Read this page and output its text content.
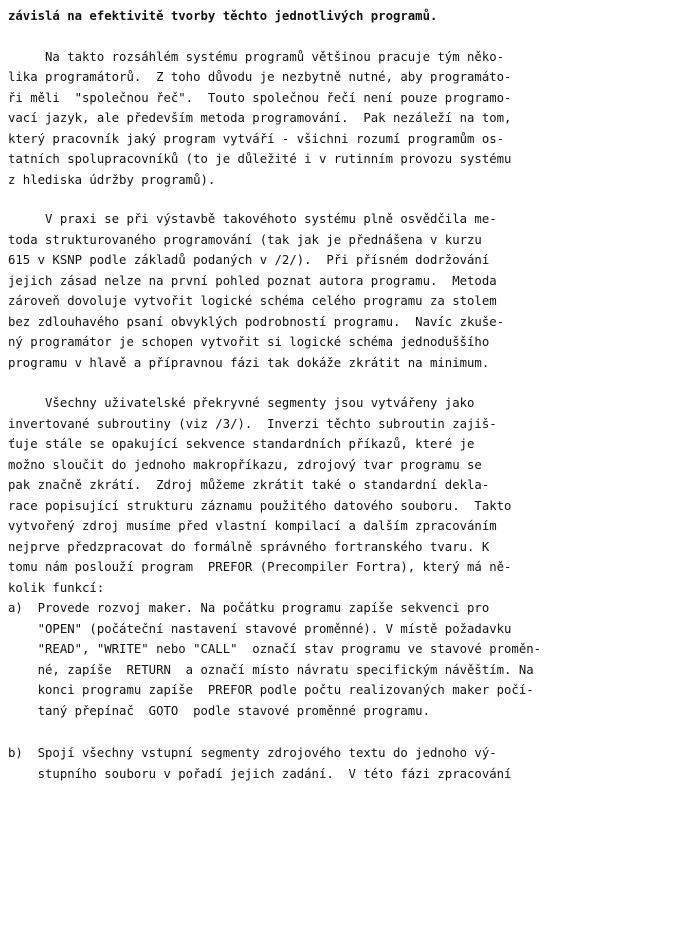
závislá na efektivitě tvorby těchto jednotlivých programů.
Na takto rozsáhlém systému programů většinou pracuje tým něko-
lika programátorů.  Z toho důvodu je nezbytně nutné, aby programáto-
ři měli  "společnou řeč".  Touto společnou řečí není pouze programo-
vací jazyk, ale především metoda programování.  Pak nezáleží na tom,
který pracovník jaký program vytváří - všichni rozumí programům os-
tatních spolupracovníků (to je důležité i v rutinním provozu systému
z hlediska údržby programů).
V praxi se při výstavbě takovéhoto systému plně osvědčila me-
toda strukturovaného programování (tak jak je přednášena v kurzu
615 v KSNP podle základů podaných v /2/).  Při přísném dodržování
jejich zásad nelze na první pohled poznat autora programu.  Metoda
zároveň dovoluje vytvořit logické schéma celého programu za stolem
bez zdlouhavého psaní obvyklých podrobností programu.  Navíc zkuše-
ný programátor je schopen vytvořit si logické schéma jednoduššího
programu v hlavě a přípravnou fázi tak dokáže zkrátit na minimum.
Všechny uživatelské překryvné segmenty jsou vytvářeny jako
invertované subroutiny (viz /3/).  Inverzi těchto subroutin zajiš-
ťuje stále se opakující sekvence standardních příkazů, které je
možno sloučit do jednoho makropříkazu, zdrojový tvar programu se
pak značně zkrátí.  Zdroj můžeme zkrátit také o standardní dekla-
race popisující strukturu záznamu použitého datového souboru.  Takto
vytvořený zdroj musíme před vlastní kompilací a dalším zpracováním
nejprve předzpracovat do formálně správného fortranského tvaru. K
tomu nám poslouží program  PREFOR (Precompiler Fortra), který má ně-
kolik funkcí:
a)  Provede rozvoj maker. Na počátku programu zapíše sekvenci pro
"OPEN" (počáteční nastavení stavové proměnné). V místě požadavku
"READ", "WRITE" nebo "CALL"  označí stav programu ve stavové proměn-
né, zapíše  RETURN  a označí místo návratu specifickým návěštím. Na
konci programu zapíše  PREFOR podle počtu realizovaných maker počí-
taný přepínač  GOTO  podle stavové proměnné programu.
b)  Spojí všechny vstupní segmenty zdrojového textu do jednoho vý-
stupního souboru v pořadí jejich zadání.  V této fázi zpracování
